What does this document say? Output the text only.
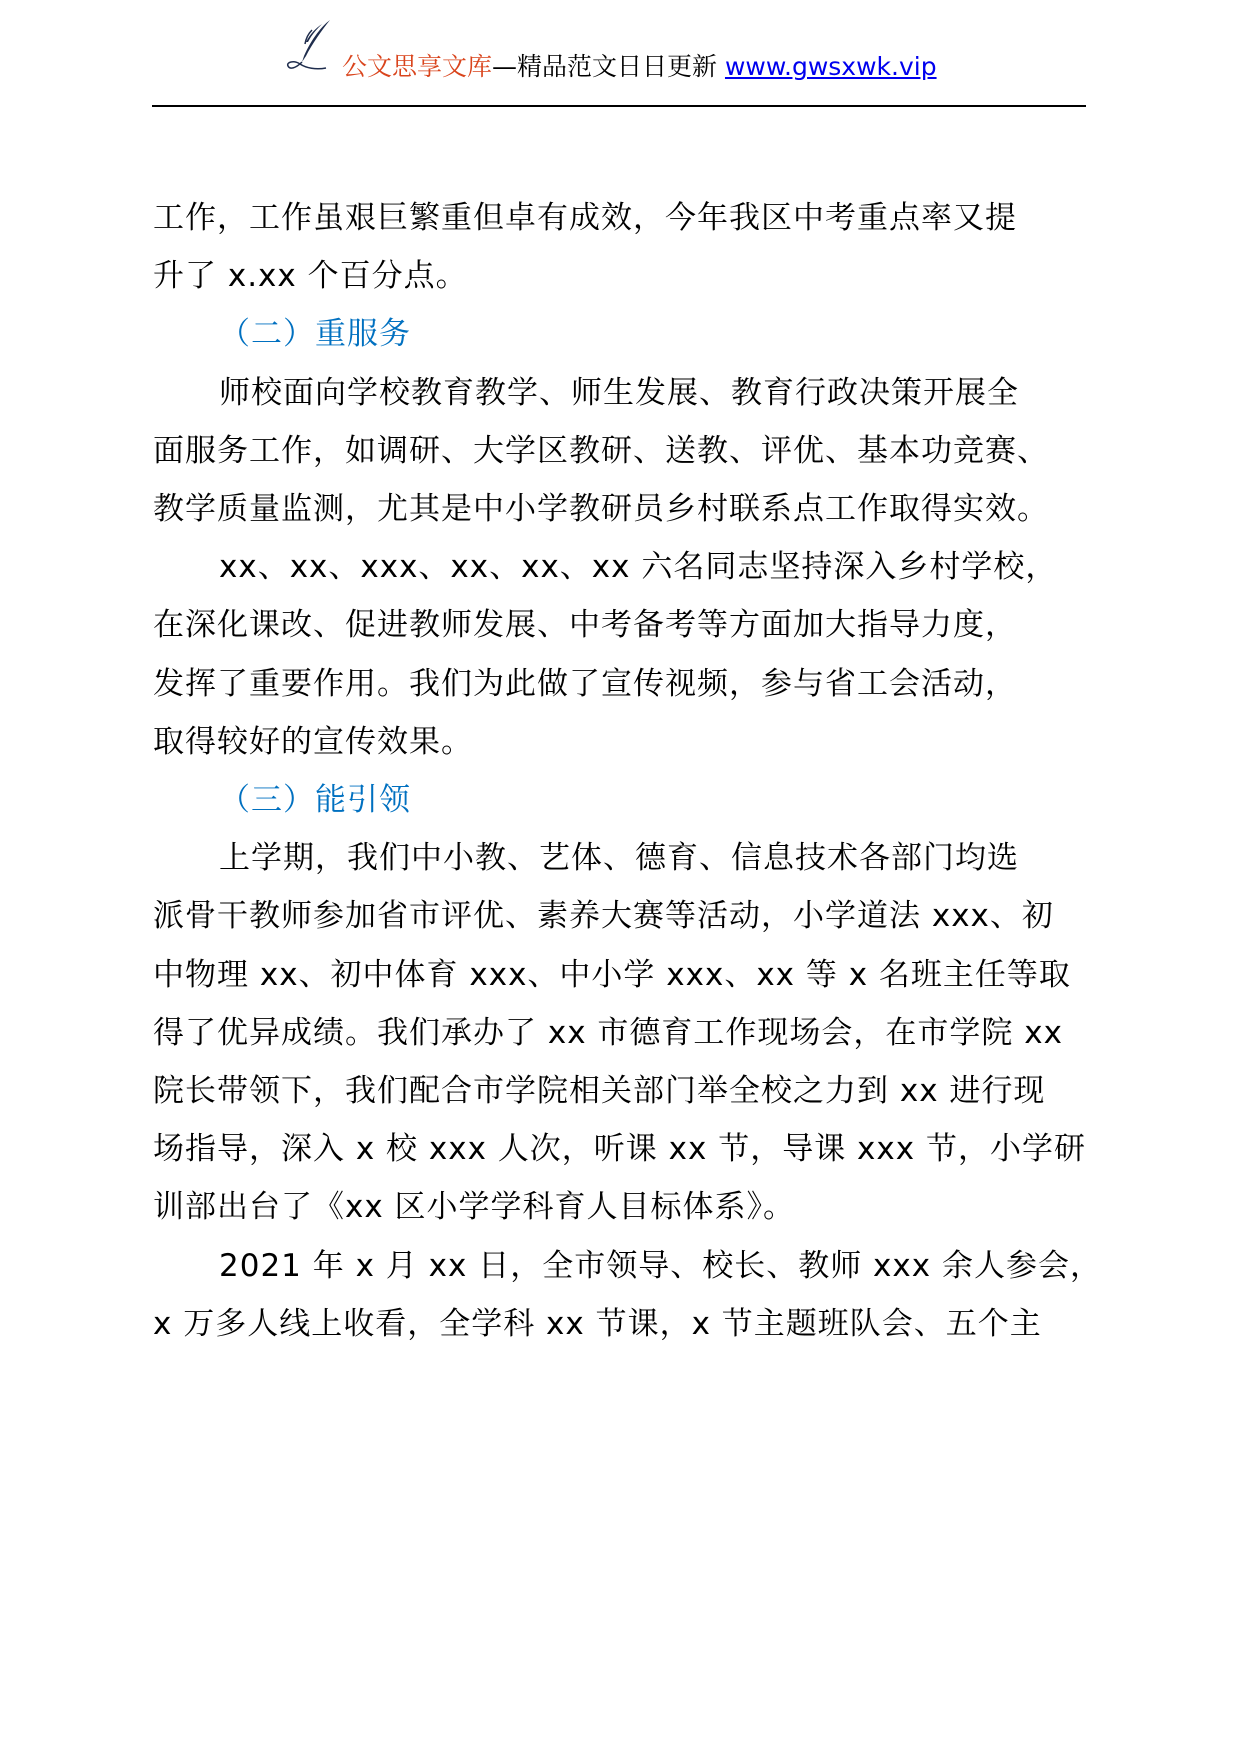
公文思享文库—精品范文日日更新 www.gwsxwk.vip
工作，工作虽艰巨繁重但卓有成效，今年我区中考重点率又提
升了 x.xx 个百分点。
（二）重服务
师校面向学校教育教学、师生发展、教育行政决策开展全
面服务工作，如调研、大学区教研、送教、评优、基本功竞赛、
教学质量监测，尤其是中小学教研员乡村联系点工作取得实效。
xx、xx、xxx、xx、xx、xx 六名同志坚持深入乡村学校，
在深化课改、促进教师发展、中考备考等方面加大指导力度，
发挥了重要作用。我们为此做了宣传视频，参与省工会活动，
取得较好的宣传效果。
（三）能引领
上学期，我们中小教、艺体、德育、信息技术各部门均选
派骨干教师参加省市评优、素养大赛等活动，小学道法 xxx、初
中物理 xx、初中体育 xxx、中小学 xxx、xx 等 x 名班主任等取
得了优异成绩。我们承办了 xx 市德育工作现场会，在市学院 xx
院长带领下，我们配合市学院相关部门举全校之力到 xx 进行现
场指导，深入 x 校 xxx 人次，听课 xx 节，导课 xxx 节，小学研
训部出台了《xx 区小学学科育人目标体系》。
2021 年 x 月 xx 日，全市领导、校长、教师 xxx 余人参会，
x 万多人线上收看，全学科 xx 节课，x 节主题班队会、五个主
